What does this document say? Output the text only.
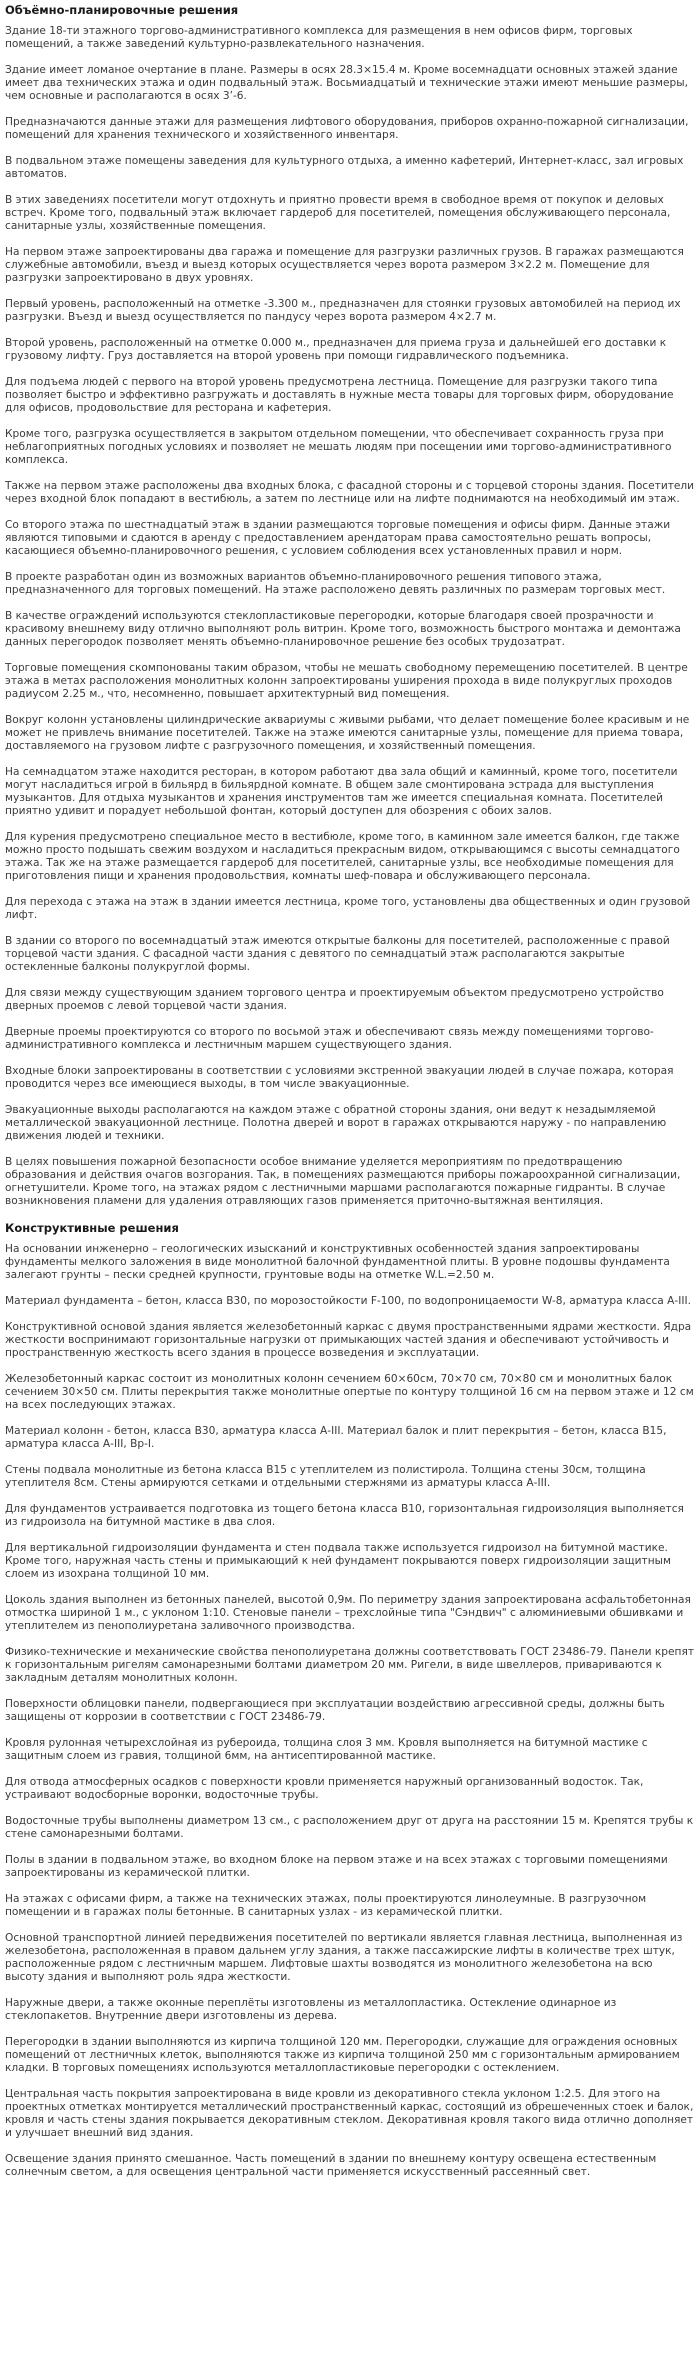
Объёмно-планировочные решения

Здание 18-ти этажного торгово-административного комплекса для размещения в нем офисов фирм, торговых помещений, а также заведений культурно-развлекательного назначения.

Здание имеет ломаное очертание в плане. Размеры в осях 28.3×15.4 м. Кроме восемнадцати основных этажей здание имеет два технических этажа и один подвальный этаж. Восьмиадцатый и технические этажи имеют меньшие размеры, чем основные и располагаются в осях 3’-6.

Предназначаются данные этажи для размещения лифтового оборудования, приборов охранно-пожарной сигнализации, помещений для хранения технического и хозяйственного инвентаря.

В подвальном этаже помещены заведения для культурного отдыха, а именно кафетерий, Интернет-класс, зал игровых автоматов.

В этих заведениях посетители могут отдохнуть и приятно провести время в свободное время от покупок и деловых встреч. Кроме того, подвальный этаж включает гардероб для посетителей, помещения обслуживающего персонала, санитарные узлы, хозяйственные помещения.

На первом этаже запроектированы два гаража и помещение для разгрузки различных грузов. В гаражах размещаются служебные автомобили, въезд и выезд которых осуществляется через ворота размером 3×2.2 м. Помещение для разгрузки запроектировано в двух уровнях.

Первый уровень, расположенный на отметке -3.300 м., предназначен для стоянки грузовых автомобилей на период их разгрузки. Въезд и выезд осуществляется по пандусу через ворота размером 4×2.7 м.

Второй уровень, расположенный на отметке 0.000 м., предназначен для приема груза и дальнейшей его доставки к грузовому лифту. Груз доставляется на второй уровень при помощи гидравлического подъемника.

Для подъема людей с первого на второй уровень предусмотрена лестница. Помещение для разгрузки такого типа позволяет быстро и эффективно разгружать и доставлять в нужные места товары для торговых фирм, оборудование для офисов, продовольствие для ресторана и кафетерия.

Кроме того, разгрузка осуществляется в закрытом отдельном помещении, что обеспечивает сохранность груза при неблагоприятных погодных условиях и позволяет не мешать людям при посещении ими торгово-административного комплекса.

Также на первом этаже расположены два входных блока, с фасадной стороны и с торцевой стороны здания. Посетители через входной блок попадают в вестибюль, а затем по лестнице или на лифте поднимаются на необходимый им этаж.

Со второго этажа по шестнадцатый этаж в здании размещаются торговые помещения и офисы фирм. Данные этажи являются типовыми и сдаются в аренду с предоставлением арендаторам права самостоятельно решать вопросы, касающиеся объемно-планировочного решения, с условием соблюдения всех установленных правил и норм.

В проекте разработан один из возможных вариантов объемно-планировочного решения типового этажа, предназначенного для торговых помещений. На этаже расположено девять различных по размерам торговых мест.

В качестве ограждений используются стеклопластиковые перегородки, которые благодаря своей прозрачности и красивому внешнему виду отлично выполняют роль витрин. Кроме того, возможность быстрого монтажа и демонтажа данных перегородок позволяет менять объемно-планировочное решение без особых трудозатрат.

Торговые помещения скомпонованы таким образом, чтобы не мешать свободному перемещению посетителей. В центре этажа в метах расположения монолитных колонн запроектированы уширения прохода в виде полукруглых проходов радиусом 2.25 м., что, несомненно, повышает архитектурный вид помещения.

Вокруг колонн установлены цилиндрические аквариумы с живыми рыбами, что делает помещение более красивым и не может не привлечь внимание посетителей. Также на этаже имеются санитарные узлы, помещение для приема товара, доставляемого на грузовом лифте с разгрузочного помещения, и хозяйственный помещения.

На семнадцатом этаже находится ресторан, в котором работают два зала общий и каминный, кроме того, посетители могут насладиться игрой в бильярд в бильярдной комнате. В общем зале смонтирована эстрада для выступления музыкантов. Для отдыха музыкантов и хранения инструментов там же имеется специальная комната. Посетителей приятно удивит и порадует небольшой фонтан, который доступен для обозрения с обоих залов.

Для курения предусмотрено специальное место в вестибюле, кроме того, в каминном зале имеется балкон, где также можно просто подышать свежим воздухом и насладиться прекрасным видом, открывающимся с высоты семнадцатого этажа. Так же на этаже размещается гардероб для посетителей, санитарные узлы, все необходимые помещения для приготовления пищи и хранения продовольствия, комнаты шеф-повара и обслуживающего персонала.

Для перехода с этажа на этаж в здании имеется лестница, кроме того, установлены два общественных и один грузовой лифт.

В здании со второго по восемнадцатый этаж имеются открытые балконы для посетителей, расположенные с правой торцевой части здания. С фасадной части здания с девятого по семнадцатый этаж располагаются закрытые остекленные балконы полукруглой формы.

Для связи между существующим зданием торгового центра и проектируемым объектом предусмотрено устройство дверных проемов с левой торцевой части здания.

Дверные проемы проектируются со второго по восьмой этаж и обеспечивают связь между помещениями торгово-административного комплекса и лестничным маршем существующего здания.

Входные блоки запроектированы в соответствии с условиями экстренной эвакуации людей в случае пожара, которая проводится через все имеющиеся выходы, в том числе эвакуационные.

Эвакуационные выходы располагаются на каждом этаже с обратной стороны здания, они ведут к незадымляемой металлической эвакуационной лестнице. Полотна дверей и ворот в гаражах открываются наружу - по направлению движения людей и техники.

В целях повышения пожарной безопасности особое внимание уделяется мероприятиям по предотвращению образования и действия очагов возгорания. Так, в помещениях размещаются приборы пожароохранной сигнализации, огнетушители. Кроме того, на этажах рядом с лестничными маршами располагаются пожарные гидранты. В случае возникновения пламени для удаления отравляющих газов применяется приточно-вытяжная вентиляция.

Конструктивные решения

На основании инженерно – геологических изысканий и конструктивных особенностей здания запроектированы фундаменты мелкого заложения в виде монолитной балочной фундаментной плиты. В уровне подошвы фундамента залегают грунты – пески средней крупности, грунтовые воды на отметке W.L.=2.50 м.

Материал фундамента – бетон, класса В30, по морозостойкости F-100, по водопроницаемости W-8, арматура класса А-III.

Конструктивной основой здания является железобетонный каркас с двумя пространственными ядрами жесткости. Ядра жесткости воспринимают горизонтальные нагрузки от примыкающих частей здания и обеспечивают устойчивость и пространственную жесткость всего здания в процессе возведения и эксплуатации.

Железобетонный каркас состоит из монолитных колонн сечением 60×60см, 70×70 см, 70×80 см и монолитных балок сечением 30×50 см. Плиты перекрытия также монолитные опертые по контуру толщиной 16 см на первом этаже и 12 см на всех последующих этажах.

Материал колонн - бетон, класса В30, арматура класса А-III. Материал балок и плит перекрытия – бетон, класса В15, арматура класса А-III, Вр-I.

Стены подвала монолитные из бетона класса В15 с утеплителем из полистирола. Толщина стены 30см, толщина утеплителя 8см. Стены армируются сетками и отдельными стержнями из арматуры класса А-III.

Для фундаментов устраивается подготовка из тощего бетона класса В10, горизонтальная гидроизоляция выполняется из гидроизола на битумной мастике в два слоя.

Для вертикальной гидроизоляции фундамента и стен подвала также используется гидроизол на битумной мастике. Кроме того, наружная часть стены и примыкающий к ней фундамент покрываются поверх гидроизоляции защитным слоем из изохрана толщиной 10 мм.

Цоколь здания выполнен из бетонных панелей, высотой 0,9м. По периметру здания запроектирована асфальтобетонная отмостка шириной 1 м., с уклоном 1:10. Стеновые панели – трехслойные типа "Сэндвич" с алюминиевыми обшивками и утеплителем из пенополиуретана заливочного производства.

Физико-технические и механические свойства пенополиуретана должны соответствовать ГОСТ 23486-79. Панели крепят к горизонтальным ригелям самонарезными болтами диаметром 20 мм. Ригели, в виде швеллеров, привариваются к закладным деталям монолитных колонн.

Поверхности облицовки панели, подвергающиеся при эксплуатации воздействию агрессивной среды, должны быть защищены от коррозии в соответствии с ГОСТ 23486-79.

Кровля рулонная четырехслойная из рубероида, толщина слоя 3 мм. Кровля выполняется на битумной мастике с защитным слоем из гравия, толщиной 6мм, на антисептированной мастике.

Для отвода атмосферных осадков с поверхности кровли применяется наружный организованный водосток. Так, устраивают водосборные воронки, водосточные трубы.

Водосточные трубы выполнены диаметром 13 см., с расположением друг от друга на расстоянии 15 м. Крепятся трубы к стене самонарезными болтами.

Полы в здании в подвальном этаже, во входном блоке на первом этаже и на всех этажах с торговыми помещениями запроектированы из керамической плитки.

На этажах с офисами фирм, а также на технических этажах, полы проектируются линолеумные. В разгрузочном помещении и в гаражах полы бетонные. В санитарных узлах - из керамической плитки.

Основной транспортной линией передвижения посетителей по вертикали является главная лестница, выполненная из железобетона, расположенная в правом дальнем углу здания, а также пассажирские лифты в количестве трех штук, расположенные рядом с лестничным маршем. Лифтовые шахты возводятся из монолитного железобетона на всю высоту здания и выполняют роль ядра жесткости.

Наружные двери, а также оконные переплёты изготовлены из металлопластика. Остекление одинарное из стеклопакетов. Внутренние двери изготовлены из дерева.

Перегородки в здании выполняются из кирпича толщиной 120 мм. Перегородки, служащие для ограждения основных помещений от лестничных клеток, выполняются также из кирпича толщиной 250 мм с горизонтальным армированием кладки. В торговых помещениях используются металлопластиковые перегородки с остеклением.

Центральная часть покрытия запроектирована в виде кровли из декоративного стекла уклоном 1:2.5. Для этого на проектных отметках монтируется металлический пространственный каркас, состоящий из обрешеченных стоек и балок, кровля и часть стены здания покрывается декоративным стеклом. Декоративная кровля такого вида отлично дополняет и улучшает внешний вид здания.

Освещение здания принято смешанное. Часть помещений в здании по внешнему контуру освещена естественным солнечным светом, а для освещения центральной части применяется искусственный рассеянный свет.
